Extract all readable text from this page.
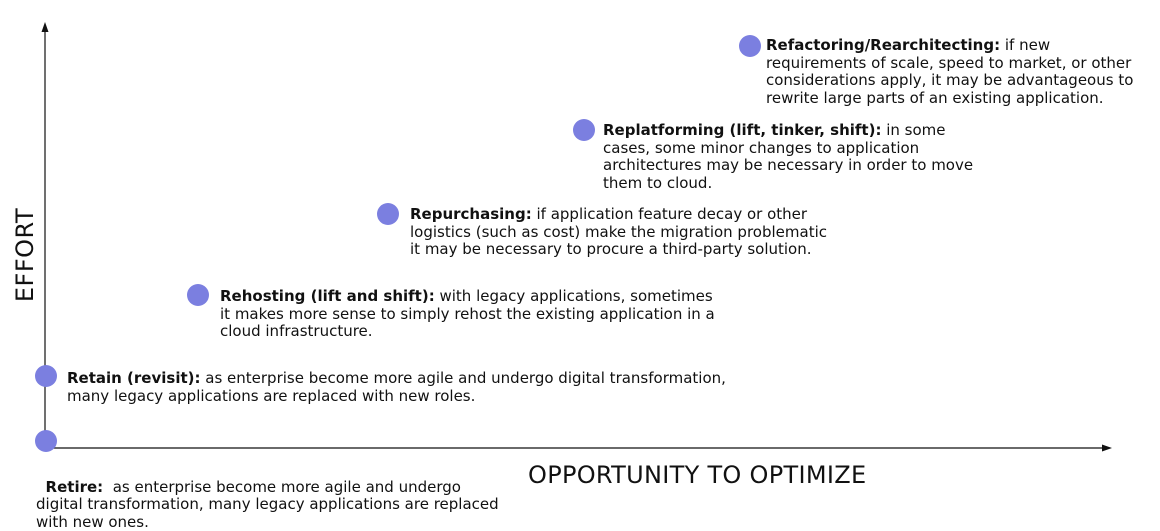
EFFORT
OPPORTUNITY TO OPTIMIZE
Refactoring/Rearchitecting: if new requirements of scale, speed to market, or other considerations apply, it may be advantageous to rewrite large parts of an existing application.
Replatforming (lift, tinker, shift): in some cases, some minor changes to application architectures may be necessary in order to move them to cloud.
Repurchasing: if application feature decay or other logistics (such as cost) make the migration problematic it may be necessary to procure a third-party solution.
Rehosting (lift and shift): with legacy applications, sometimes it makes more sense to simply rehost the existing application in a cloud infrastructure.
Retain (revisit): as enterprise become more agile and undergo digital transformation, many legacy applications are replaced with new roles.

Retire:  as enterprise become more agile and undergo digital transformation, many legacy applications are replaced with new ones.
